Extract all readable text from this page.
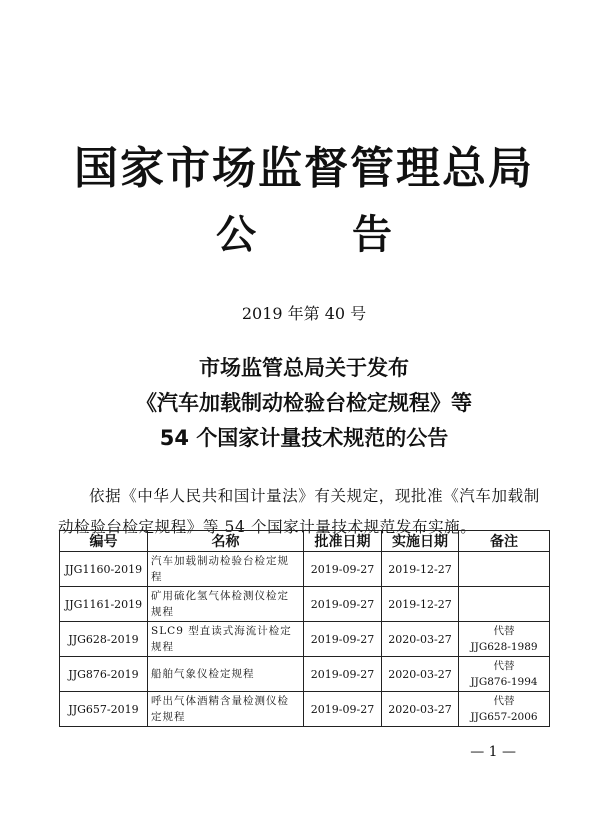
国家市场监督管理总局
公 告
2019 年第 40 号
市场监管总局关于发布
《汽车加载制动检验台检定规程》等
54 个国家计量技术规范的公告
依据《中华人民共和国计量法》有关规定，现批准《汽车加载制动检验台检定规程》等 54 个国家计量技术规范发布实施。
编号	名称	批准日期	实施日期	备注
JJG1160-2019	汽车加载制动检验台检定规程	2019-09-27	2019-12-27	

JJG1161-2019	矿用硫化氢气体检测仪检定规程	2019-09-27	2019-12-27	

JJG628-2019	SLC9 型直读式海流计检定规程	2019-09-27	2020-03-27	代替
JJG628-1989

JJG876-2019	船舶气象仪检定规程	2019-09-27	2020-03-27	代替
JJG876-1994

JJG657-2019	呼出气体酒精含量检测仪检定规程	2019-09-27	2020-03-27	代替
JJG657-2006
— 1 —
